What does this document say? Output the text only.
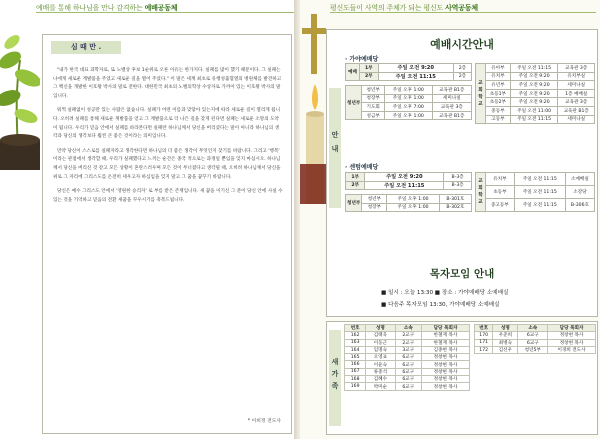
예배를 통해 하나님을 만나 감격하는 예배공동체
심 때 만 .

"내가 한국 대표 과학자로, 또 노벨상 후보 1순위로 오른 이유는 한가지다. 실패를 많이 했기 때문이다. 그 실패는 나에게 새로운 계발품을 주었고 새로운 길을 열어 주었다." 이 말은 세계 최초로 유행성출혈열의 병원체를 발견하고 그 백신을 개발한 이호왕 박사의 말로 전한다. 대한민국 최초의 노벨의학상 수상자로 가까이 있는 이호왕 박사의 말입니다.

워쩍 실패없이 성공만 있는 사람은 없습니다. 실패가 어떤 이름과 맞닿아 있는지에 따라 새로운 길이 열리게 됩니다. 오히려 실패를 통해 새로운 계발품을 얻고 그 계발품으로 더 나은 길을 찾게 된다면 실패는 새로운 소망의 도약이 됩니다. 우리가 믿음 안에서 실패를 바라본다면 실패란 하나님께서 당신을 버리셨다는 말이 아니라 하나님의 생각과 당신의 생각보다 훨씬 큰 좋은 것이라는 의미입니다.

만약 당신이 스스로를 실패자라고 생각한다면 하나님의 더 좋은 생각이 무엇인지 찾기를 바랍니다. 그리고 '행복' 이라는 관점에서 생각할 때, 우리가 실패했다고 느끼는 순간은 종국 적으로는 과정일 뿐임을 잊지 마십시오. 하나님께서 당신을 버리신 것 같고 모든 상황이 혼란스러우며 모든 것이 무너졌다고 생각될 때, 오히려 하나님께서 당신을 위로 그 자리에 그리스도를 온전히 세우고자 하심임을 잊지 말고 그 꿈을 꿈꾸기 바랍니다.

당신은 예수 그리스도 안에서 '영원한 승리자' 로 부름 받은 존재입니다. 새 꿈을 이기신 그 분이 당신 안에 사실 수 있는 것을 기억하고 믿음의 전환 새꿈을 꾸우시기를 축복드립니다.

* 이희정 전도사
평신도들이 사역의 주체가 되는 평신도 사역공동체
예배시간안내
안내
· 가야예배당
예배	1부	주일 오전 9:20	2층
	2부	주일 오전 11:15	2층
청년부	청년부	주일 오후 1:00	교육관 B1층
	청장부	주일 오후 1:00	세미나실
	기도회	주일 오후 7:00	교육관 3층
	성금부	주일 오후 1:00	교육관 B1층
교회학교	유아부	주일 오전 11:15	교육관 3층
	유치부	주일 오전 9:20	유치부실
	유년부	주일 오전 9:20	세미나실
	초등1부	주일 오전 9:20	1층 예배실
	초등2부	주일 오전 9:20	교육관 3층
	중등부	주일 오전 11:00	교육관 B1층
	고등부	주일 오전 11:15	세미나실
· 센텀예배당
1부	주일 오전 9:20	B-3층
2부	주일 오전 11:15	B-3층
청년부	청년부	주일 오후 1:00	B-301호
	청장부	주일 오후 1:00	B-302호
교회학교	유치부	주일 오전 11:15	소예배실
	초등부	주일 오전 11:15	소강당
	중고등부	주일 오전 11:15	B-306호
목자모임 안내
■ 일시 : 오늘 13:30 ■ 장소 : 가야예배당 소예배실
■ 다음주 목자모임 13:30, 가야예배당 소예배실
새가족
번호	성명	소속	담당 목회자
162	김태욱	2교구	한철재 목사
163	이동근	2교구	한철재 목사
164	임명숙	3교구	김종현 목사
165	오영표	6교구	정창현 목사
166	이윤숙	6교구	정창현 목사
167	류중석	6교구	정창현 목사
168	김혜수	6교구	정창현 목사
169	박미순	6교구	정창현 목사
번호	성명	소속	담당 목회자
170	우준희	6교구	정창현 목사
171	최병숙	6교구	정창현 목사
172	김선우	청년5부	이경희 전도사
